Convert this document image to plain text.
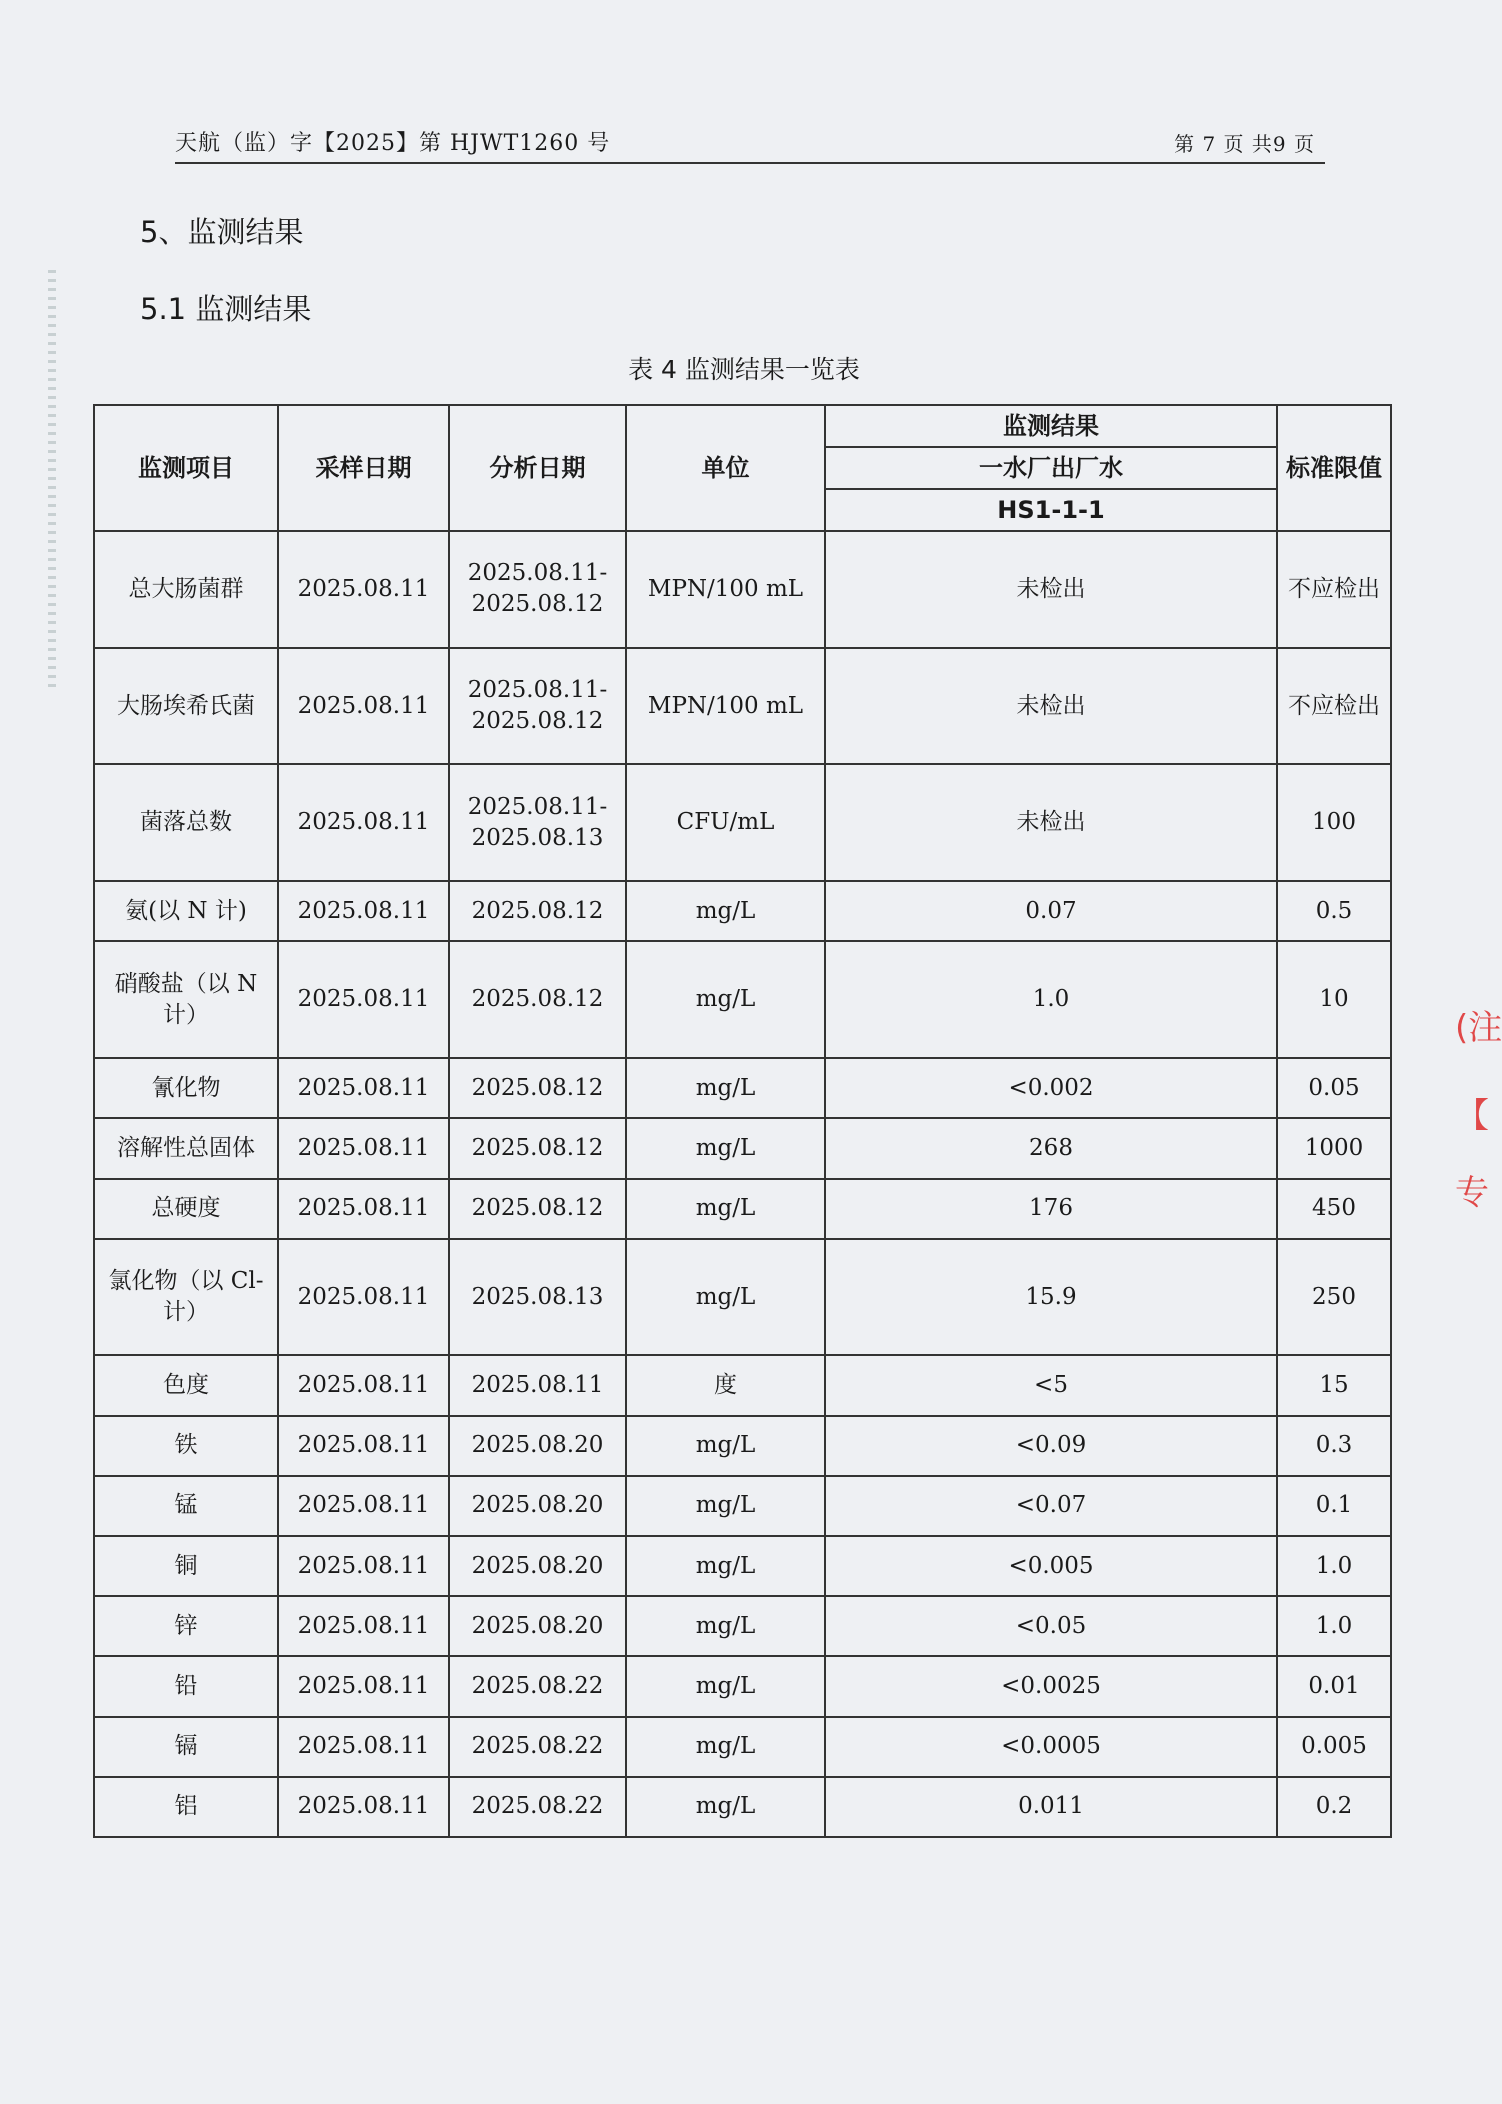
天航（监）字【2025】第 HJWT1260 号	第 7 页 共9 页
5、监测结果
5.1 监测结果
表 4 监测结果一览表
监测项目	采样日期	分析日期	单位	监测结果	标准限值
				一水厂出厂水	
				HS1-1-1	
总大肠菌群	2025.08.11	2025.08.11-2025.08.12	MPN/100 mL	未检出	不应检出
大肠埃希氏菌	2025.08.11	2025.08.11-2025.08.12	MPN/100 mL	未检出	不应检出
菌落总数	2025.08.11	2025.08.11-2025.08.13	CFU/mL	未检出	100
氨(以 N 计)	2025.08.11	2025.08.12	mg/L	0.07	0.5
硝酸盐（以 N 计）	2025.08.11	2025.08.12	mg/L	1.0	10
氰化物	2025.08.11	2025.08.12	mg/L	<0.002	0.05
溶解性总固体	2025.08.11	2025.08.12	mg/L	268	1000
总硬度	2025.08.11	2025.08.12	mg/L	176	450
氯化物（以 Cl-计）	2025.08.11	2025.08.13	mg/L	15.9	250
色度	2025.08.11	2025.08.11	度	<5	15
铁	2025.08.11	2025.08.20	mg/L	<0.09	0.3
锰	2025.08.11	2025.08.20	mg/L	<0.07	0.1
铜	2025.08.11	2025.08.20	mg/L	<0.005	1.0
锌	2025.08.11	2025.08.20	mg/L	<0.05	1.0
铅	2025.08.11	2025.08.22	mg/L	<0.0025	0.01
镉	2025.08.11	2025.08.22	mg/L	<0.0005	0.005
铝	2025.08.11	2025.08.22	mg/L	0.011	0.2
(注
【
专
